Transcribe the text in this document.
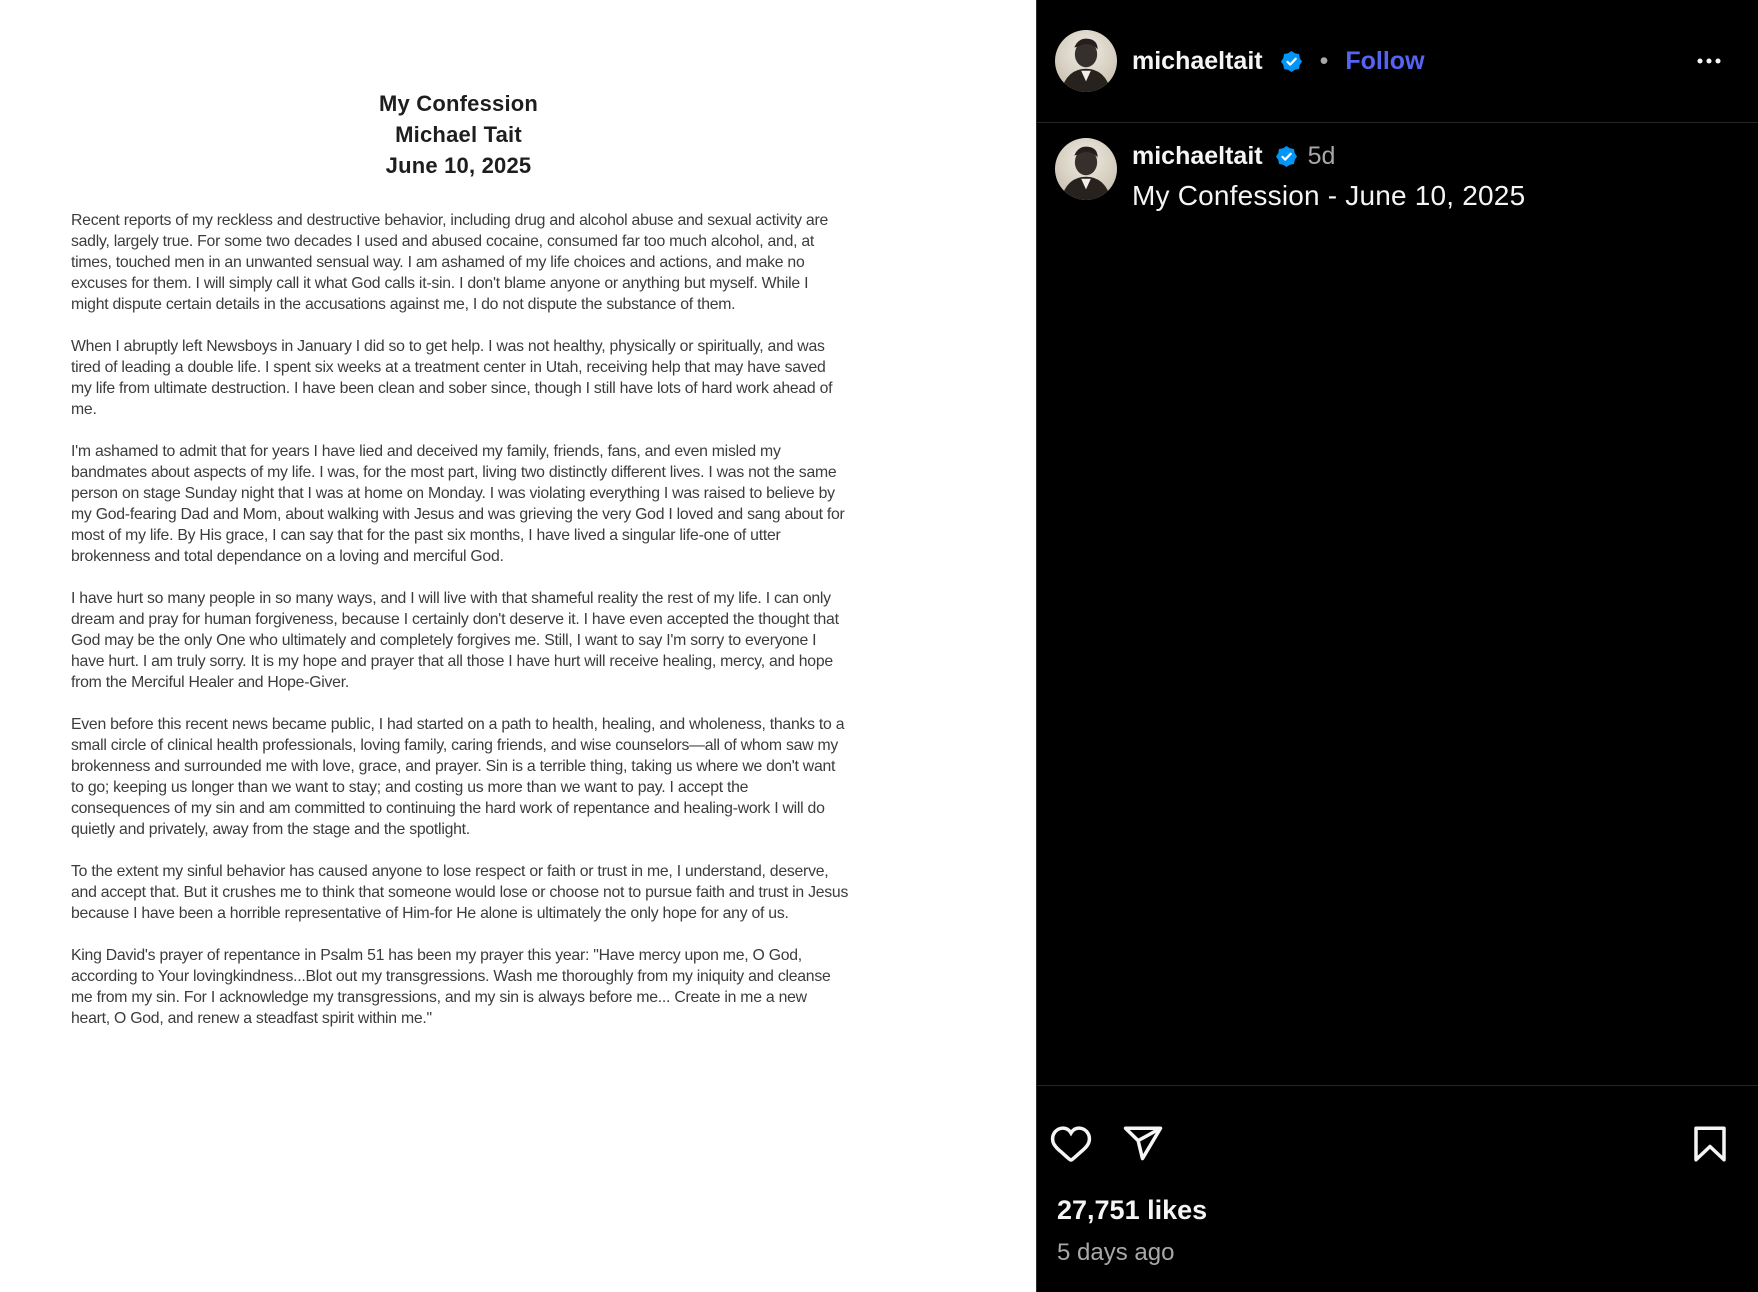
My Confession
Michael Tait
June 10, 2025

Recent reports of my reckless and destructive behavior, including drug and alcohol abuse and sexual activity are sadly, largely true. For some two decades I used and abused cocaine, consumed far too much alcohol, and, at times, touched men in an unwanted sensual way. I am ashamed of my life choices and actions, and make no excuses for them. I will simply call it what God calls it-sin. I don't blame anyone or anything but myself. While I might dispute certain details in the accusations against me, I do not dispute the substance of them.

When I abruptly left Newsboys in January I did so to get help. I was not healthy, physically or spiritually, and was tired of leading a double life. I spent six weeks at a treatment center in Utah, receiving help that may have saved my life from ultimate destruction. I have been clean and sober since, though I still have lots of hard work ahead of me.

I'm ashamed to admit that for years I have lied and deceived my family, friends, fans, and even misled my bandmates about aspects of my life. I was, for the most part, living two distinctly different lives. I was not the same person on stage Sunday night that I was at home on Monday. I was violating everything I was raised to believe by my God-fearing Dad and Mom, about walking with Jesus and was grieving the very God I loved and sang about for most of my life. By His grace, I can say that for the past six months, I have lived a singular life-one of utter brokenness and total dependance on a loving and merciful God.

I have hurt so many people in so many ways, and I will live with that shameful reality the rest of my life. I can only dream and pray for human forgiveness, because I certainly don't deserve it. I have even accepted the thought that God may be the only One who ultimately and completely forgives me. Still, I want to say I'm sorry to everyone I have hurt. I am truly sorry. It is my hope and prayer that all those I have hurt will receive healing, mercy, and hope from the Merciful Healer and Hope-Giver.

Even before this recent news became public, I had started on a path to health, healing, and wholeness, thanks to a small circle of clinical health professionals, loving family, caring friends, and wise counselors—all of whom saw my brokenness and surrounded me with love, grace, and prayer. Sin is a terrible thing, taking us where we don't want to go; keeping us longer than we want to stay; and costing us more than we want to pay. I accept the consequences of my sin and am committed to continuing the hard work of repentance and healing-work I will do quietly and privately, away from the stage and the spotlight.

To the extent my sinful behavior has caused anyone to lose respect or faith or trust in me, I understand, deserve, and accept that. But it crushes me to think that someone would lose or choose not to pursue faith and trust in Jesus because I have been a horrible representative of Him-for He alone is ultimately the only hope for any of us.

King David's prayer of repentance in Psalm 51 has been my prayer this year: "Have mercy upon me, O God, according to Your lovingkindness...Blot out my transgressions. Wash me thoroughly from my iniquity and cleanse me from my sin. For I acknowledge my transgressions, and my sin is always before me... Create in me a new heart, O God, and renew a steadfast spirit within me."

michaeltait • Follow
michaeltait 5d
My Confession - June 10, 2025
27,751 likes
5 days ago
